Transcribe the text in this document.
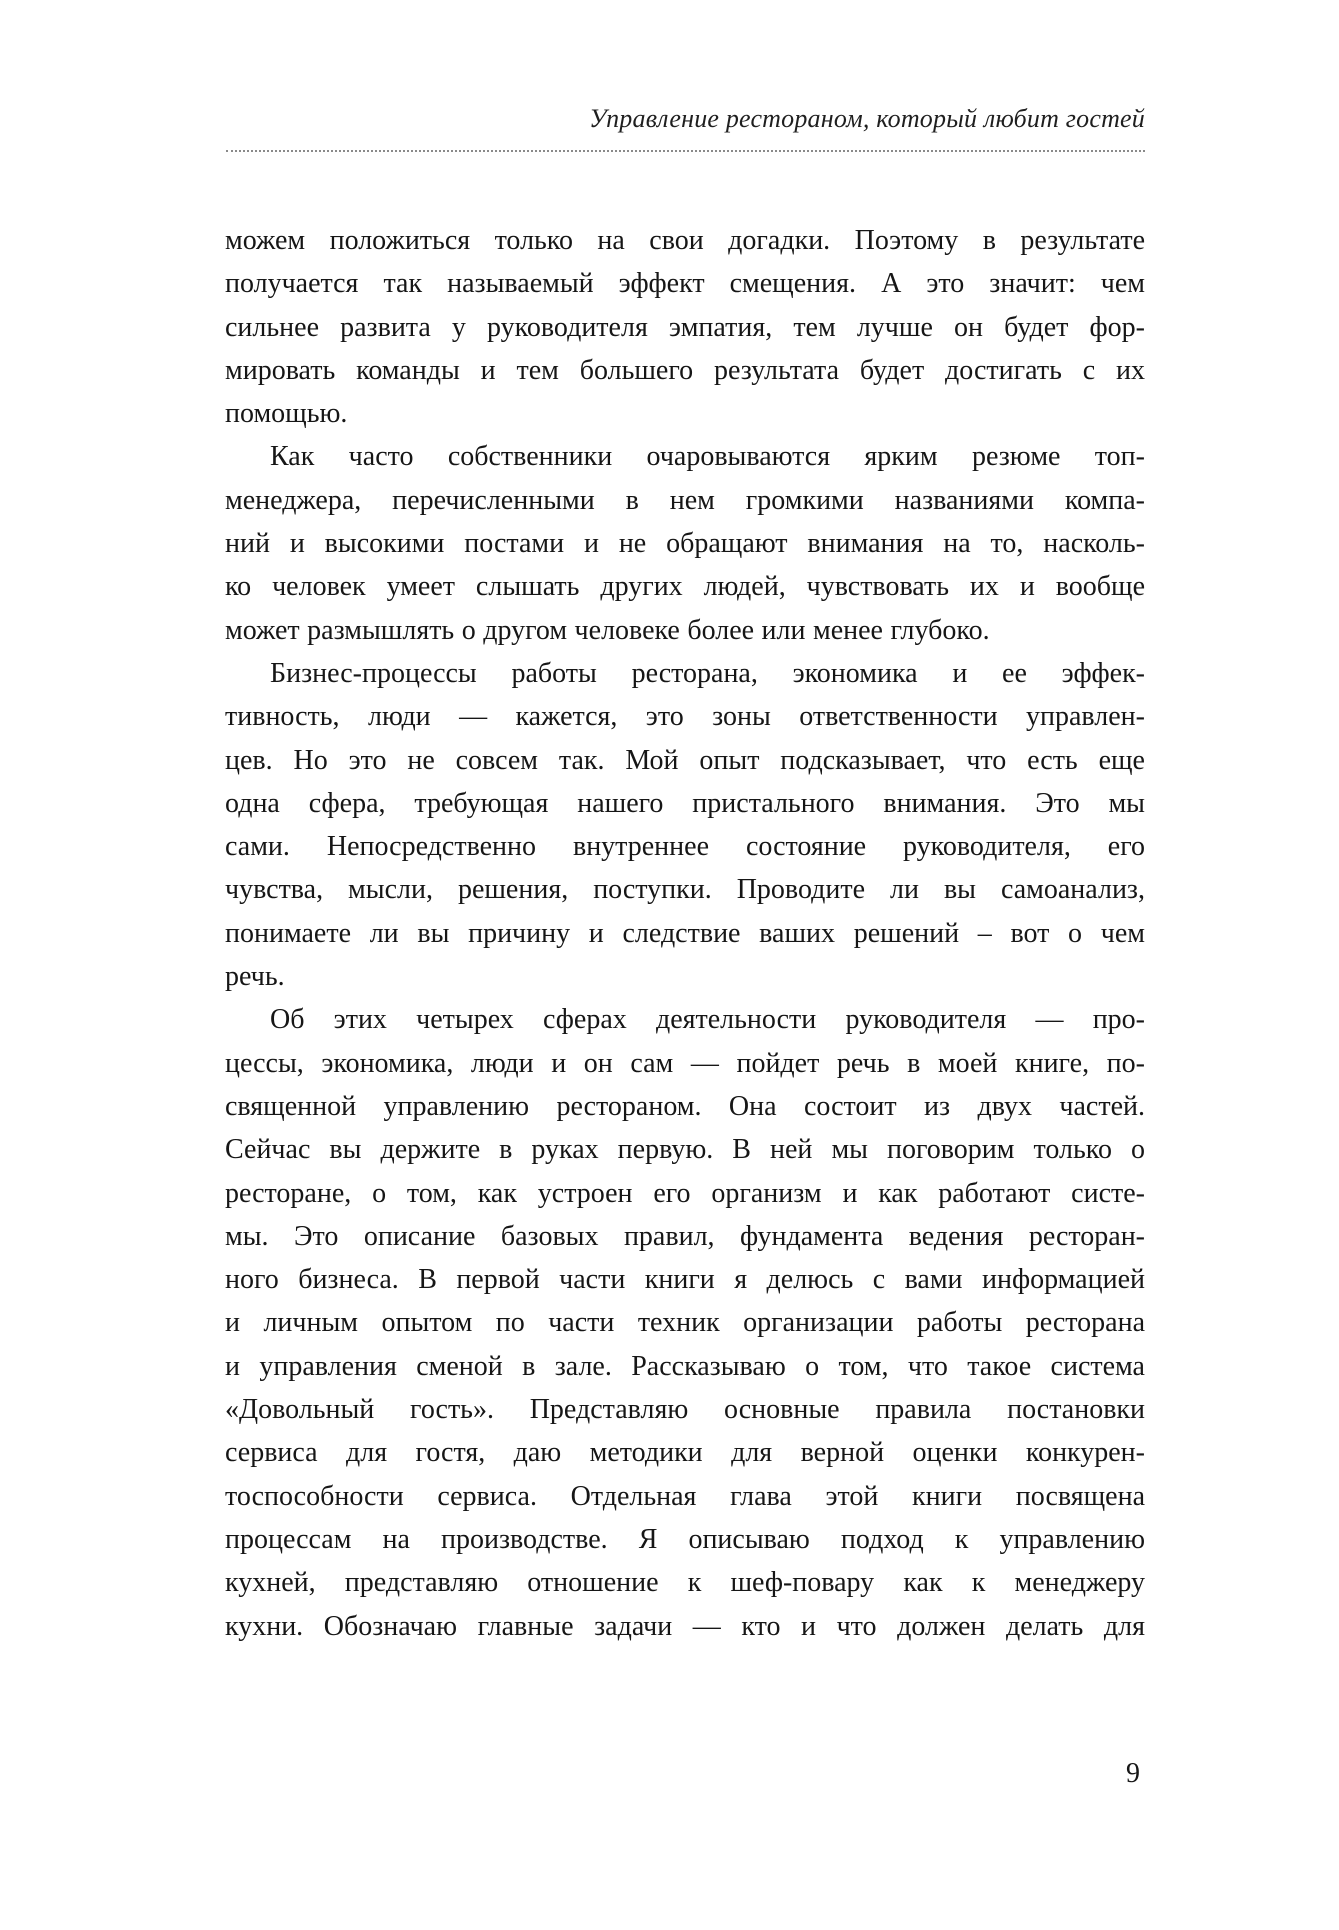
Управление рестораном, который любит гостей
можем положиться только на свои догадки. Поэтому в результате
получается так называемый эффект смещения. А это значит: чем
сильнее развита у руководителя эмпатия, тем лучше он будет фор-
мировать команды и тем большего результата будет достигать с их
помощью.
Как часто собственники очаровываются ярким резюме топ-
менеджера, перечисленными в нем громкими названиями компа-
ний и высокими постами и не обращают внимания на то, насколь-
ко человек умеет слышать других людей, чувствовать их и вообще
может размышлять о другом человеке более или менее глубоко.
Бизнес-процессы работы ресторана, экономика и ее эффек-
тивность, люди — кажется, это зоны ответственности управлен-
цев. Но это не совсем так. Мой опыт подсказывает, что есть еще
одна сфера, требующая нашего пристального внимания. Это мы
сами. Непосредственно внутреннее состояние руководителя, его
чувства, мысли, решения, поступки. Проводите ли вы самоанализ,
понимаете ли вы причину и следствие ваших решений – вот о чем
речь.
Об этих четырех сферах деятельности руководителя — про-
цессы, экономика, люди и он сам — пойдет речь в моей книге, по-
священной управлению рестораном. Она состоит из двух частей.
Сейчас вы держите в руках первую. В ней мы поговорим только о
ресторане, о том, как устроен его организм и как работают систе-
мы. Это описание базовых правил, фундамента ведения ресторан-
ного бизнеса. В первой части книги я делюсь с вами информацией
и личным опытом по части техник организации работы ресторана
и управления сменой в зале. Рассказываю о том, что такое система
«Довольный гость». Представляю основные правила постановки
сервиса для гостя, даю методики для верной оценки конкурен-
тоспособности сервиса. Отдельная глава этой книги посвящена
процессам на производстве. Я описываю подход к управлению
кухней, представляю отношение к шеф-повару как к менеджеру
кухни. Обозначаю главные задачи — кто и что должен делать для
9
